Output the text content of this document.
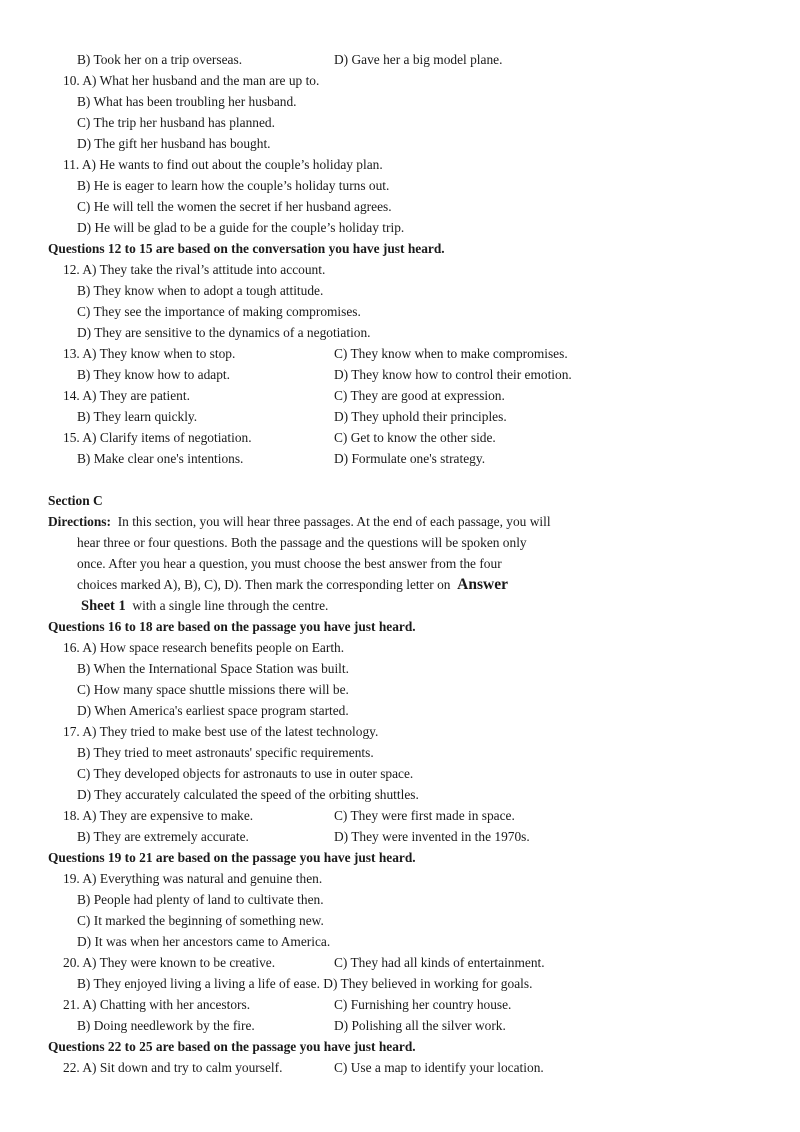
B) Took her on a trip overseas.	D) Gave her a big model plane.
10. A) What her husband and the man are up to.
B) What has been troubling her husband.
C) The trip her husband has planned.
D) The gift her husband has bought.
11. A) He wants to find out about the couple’s holiday plan.
B) He is eager to learn how the couple’s holiday turns out.
C) He will tell the women the secret if her husband agrees.
D) He will be glad to be a guide for the couple’s holiday trip.
Questions 12 to 15 are based on the conversation you have just heard.
12. A) They take the rival’s attitude into account.
B) They know when to adopt a tough attitude.
C) They see the importance of making compromises.
D) They are sensitive to the dynamics of a negotiation.
13. A) They know when to stop.	C) They know when to make compromises.
B) They know how to adapt.	D) They know how to control their emotion.
14. A) They are patient.	C) They are good at expression.
B) They learn quickly.	D) They uphold their principles.
15. A) Clarify items of negotiation.	C) Get to know the other side.
B) Make clear one's intentions.	D) Formulate one's strategy.
Section C
Directions: In this section, you will hear three passages. At the end of each passage, you will
hear three or four questions. Both the passage and the questions will be spoken only
once. After you hear a question, you must choose the best answer from the four
choices marked A), B), C), D). Then mark the corresponding letter on Answer
Sheet 1 with a single line through the centre.
Questions 16 to 18 are based on the passage you have just heard.
16. A) How space research benefits people on Earth.
B) When the International Space Station was built.
C) How many space shuttle missions there will be.
D) When America's earliest space program started.
17. A) They tried to make best use of the latest technology.
B) They tried to meet astronauts' specific requirements.
C) They developed objects for astronauts to use in outer space.
D) They accurately calculated the speed of the orbiting shuttles.
18. A) They are expensive to make.	C) They were first made in space.
B) They are extremely accurate.	D) They were invented in the 1970s.
Questions 19 to 21 are based on the passage you have just heard.
19. A) Everything was natural and genuine then.
B) People had plenty of land to cultivate then.
C) It marked the beginning of something new.
D) It was when her ancestors came to America.
20. A) They were known to be creative.	C) They had all kinds of entertainment.
B) They enjoyed living a living a life of ease. D) They believed in working for goals.
21. A) Chatting with her ancestors.	C) Furnishing her country house.
B) Doing needlework by the fire.	D) Polishing all the silver work.
Questions 22 to 25 are based on the passage you have just heard.
22. A) Sit down and try to calm yourself.	C) Use a map to identify your location.
